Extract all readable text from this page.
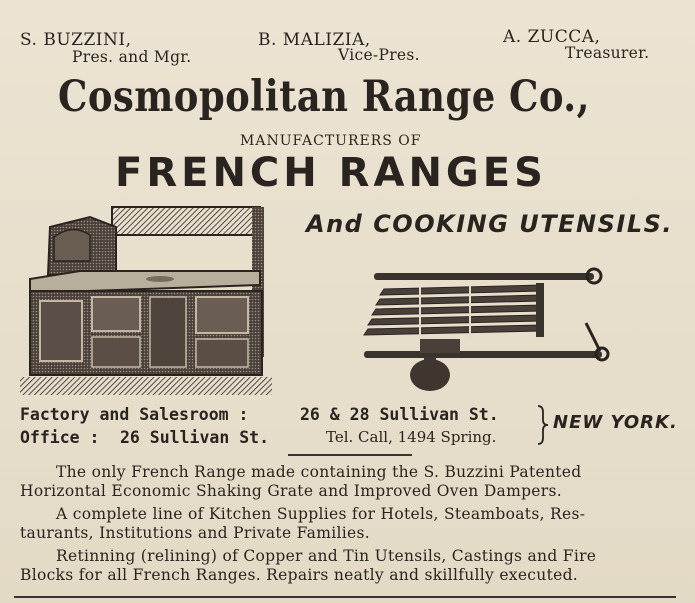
S. BUZZINI,
Pres. and Mgr.
B. MALIZIA,
Vice-Pres.
A. ZUCCA,
Treasurer.
Cosmopolitan Range Co.,
MANUFACTURERS OF
FRENCH RANGES
And COOKING UTENSILS.
Factory and Salesroom :	26 & 28 Sullivan St.
Office : 26 Sullivan St.	Tel. Call, 1494 Spring.
NEW YORK.
The only French Range made containing the S. Buzzini Patented
Horizontal Economic Shaking Grate and Improved Oven Dampers.
A complete line of Kitchen Supplies for Hotels, Steamboats, Res-
taurants, Institutions and Private Families.
Retinning (relining) of Copper and Tin Utensils, Castings and Fire
Blocks for all French Ranges. Repairs neatly and skillfully executed.
